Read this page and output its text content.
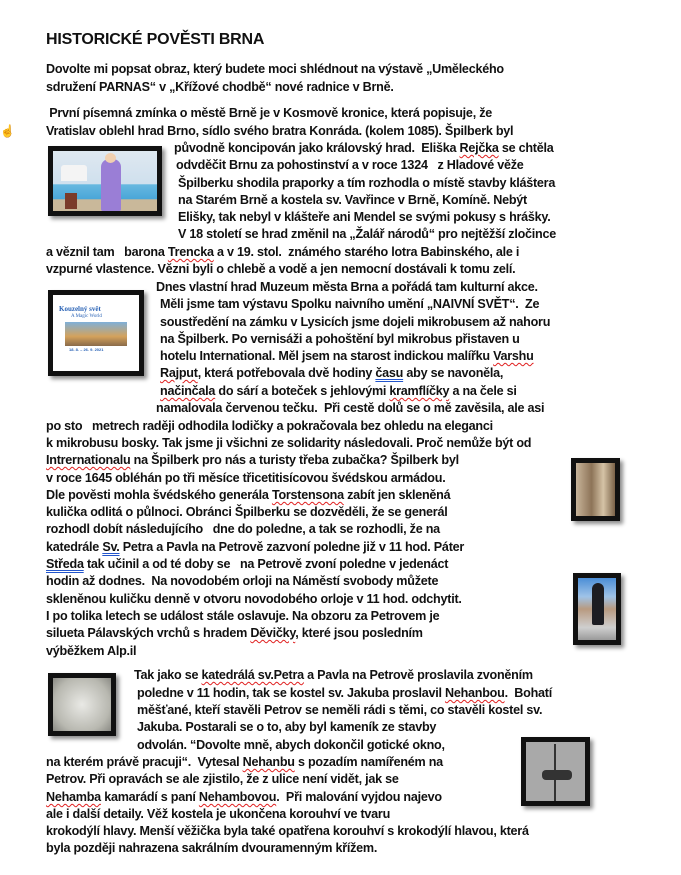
HISTORICKÉ POVĚSTI BRNA
☝
Dovolte mi popsat obraz, který budete moci shlédnout na výstavě „Uměleckého
sdružení PARNAS“ v „Křížové chodbě“ nové radnice v Brně.
První písemná zmínka o městě Brně je v Kosmově kronice, která popisuje, že
Vratislav oblehl hrad Brno, sídlo svého bratra Konráda. (kolem 1085). Špilberk byl
původně koncipován jako královský hrad.  Eliška Rejčka se chtěla
odvděčit Brnu za pohostinství a v roce 1324   z Hladové věže
Špilberku shodila praporky a tím rozhodla o místě stavby kláštera
na Starém Brně a kostela sv. Vavřince v Brně, Komíně. Nebýt
Elišky, tak nebyl v klášteře ani Mendel se svými pokusy s hrášky.
V 18 století se hrad změnil na „Žalář národů“ pro nejtěžší zločince
a věznil tam   barona Trencka a v 19. stol.  známého starého lotra Babinského, ale i
vzpurné vlastence. Vězni byli o chlebě a vodě a jen nemocní dostávali k tomu zelí.
Dnes vlastní hrad Muzeum města Brna a pořádá tam kulturní akce.
Měli jsme tam výstavu Spolku naivního umění „NAIVNÍ SVĚT“.  Ze
soustředění na zámku v Lysicích jsme dojeli mikrobusem až nahoru
na Špilberk. Po vernisáži a pohoštění byl mikrobus přistaven u
hotelu International. Měl jsem na starost indickou malířku Varshu
Rajput, která potřebovala dvě hodiny času aby se navoněla,
načinčala do sárí a boteček s jehlovými kramflíčky a na čele si
namalovala červenou tečku.  Při cestě dolů se o mě zavěsila, ale asi
po sto   metrech raději odhodila lodičky a pokračovala bez ohledu na eleganci
k mikrobusu bosky. Tak jsme ji všichni ze solidarity následovali. Proč nemůže být od
Intrernationalu na Špilberk pro nás a turisty třeba zubačka? Špilberk byl
v roce 1645 obléhán po tři měsíce třicetitisícovou švédskou armádou.
Dle pověsti mohla švédského generála Torstensona zabít jen skleněná
kulička odlitá o půlnoci. Obránci Špilberku se dozvěděli, že se generál
rozhodl dobít následujícího   dne do poledne, a tak se rozhodli, že na
katedrále Sv. Petra a Pavla na Petrově zazvoní poledne již v 11 hod. Páter
Středa tak učinil a od té doby se   na Petrově zvoní poledne v jedenáct
hodin až dodnes.  Na novodobém orloji na Náměstí svobody můžete
skleněnou kuličku denně v otvoru novodobého orloje v 11 hod. odchytit.
I po tolika letech se událost stále oslavuje. Na obzoru za Petrovem je
silueta Pálavských vrchů s hradem Děvičky, které jsou posledním
výběžkem Alp.il
Tak jako se katedrálá sv.Petra a Pavla na Petrově proslavila zvoněním
poledne v 11 hodin, tak se kostel sv. Jakuba proslavil Nehanbou.  Bohatí
měšťané, kteří stavěli Petrov se neměli rádi s těmi, co stavěli kostel sv.
Jakuba. Postarali se o to, aby byl kameník ze stavby
odvolán. “Dovolte mně, abych dokončil gotické okno,
na kterém právě pracuji“.  Vytesal Nehanbu s pozadím namířeném na
Petrov. Při opravách se ale zjistilo, že z ulice není vidět, jak se
Nehamba kamarádí s paní Nehambovou.  Při malování vyjdou najevo
ale i další detaily. Věž kostela je ukončena korouhví ve tvaru
krokodýlí hlavy. Menší věžička byla také opatřena korouhví s krokodýlí hlavou, která
byla později nahrazena sakrálním dvouramenným křížem.
Kouzelný svět
A Magic World
18. 8. – 26. 9. 2021
